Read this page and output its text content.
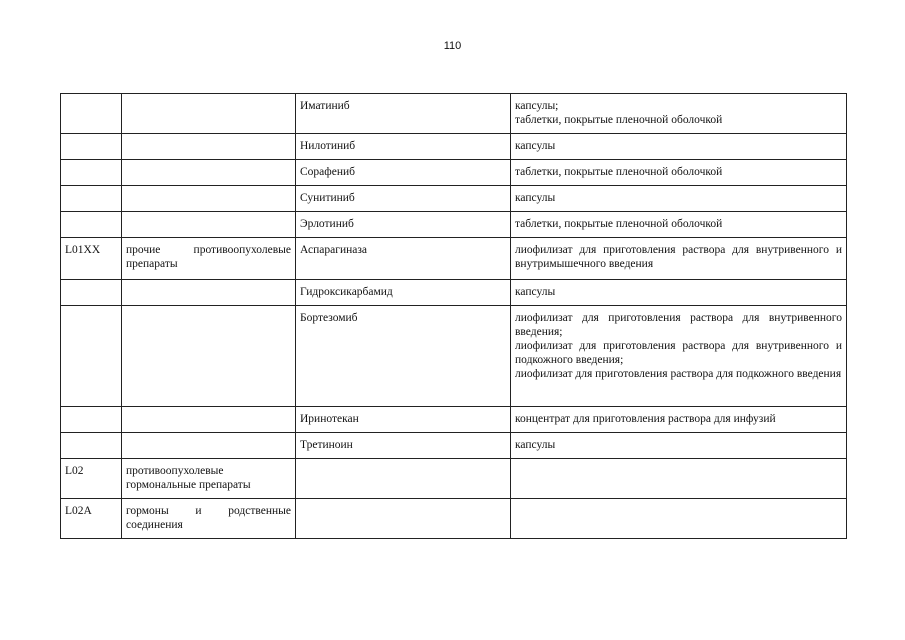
110
		Иматиниб	капсулы;
таблетки, покрытые пленочной оболочкой

		Нилотиниб	капсулы

		Сорафениб	таблетки, покрытые пленочной оболочкой

		Сунитиниб	капсулы

		Эрлотиниб	таблетки, покрытые пленочной оболочкой

L01XX	прочие противоопухолевые препараты	Аспарагиназа	лиофилизат для приготовления раствора для внутривенного и внутримышечного введения

		Гидроксикарбамид	капсулы

		Бортезомиб	лиофилизат для приготовления раствора для внутривенного введения;
лиофилизат для приготовления раствора для внутривенного и подкожного введения;
лиофилизат для приготовления раствора для подкожного введения

		Иринотекан	концентрат для приготовления раствора для инфузий

		Третиноин	капсулы

L02	противоопухолевые гормональные препараты		
L02A	гормоны и родственные соединения		
